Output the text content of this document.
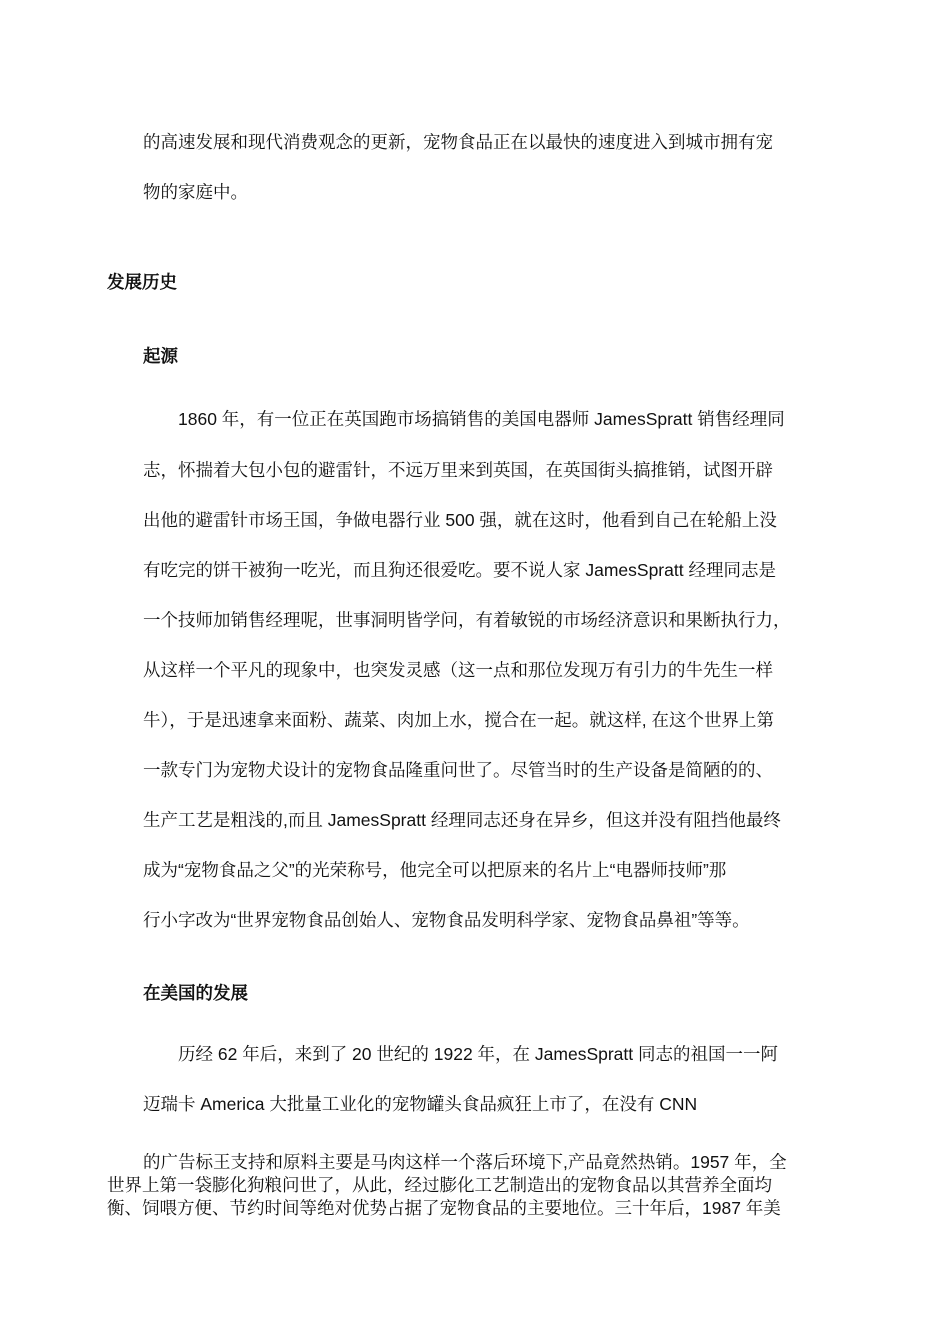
的高速发展和现代消费观念的更新，宠物食品正在以最快的速度进入到城市拥有宠
物的家庭中。
发展历史
起源
1860 年，有一位正在英国跑市场搞销售的美国电器师 JamesSpratt 销售经理同
志，怀揣着大包小包的避雷针，不远万里来到英国，在英国街头搞推销，试图开辟
出他的避雷针市场王国，争做电器行业 500 强，就在这时，他看到自己在轮船上没
有吃完的饼干被狗一吃光，而且狗还很爱吃。要不说人家 JamesSpratt 经理同志是
一个技师加销售经理呢，世事洞明皆学问，有着敏锐的市场经济意识和果断执行力，
从这样一个平凡的现象中，也突发灵感（这一点和那位发现万有引力的牛先生一样
牛），于是迅速拿来面粉、蔬菜、肉加上水，搅合在一起。就这样, 在这个世界上第
一款专门为宠物犬设计的宠物食品隆重问世了。尽管当时的生产设备是简陋的的、
生产工艺是粗浅的,而且 JamesSpratt 经理同志还身在异乡，但这并没有阻挡他最终
成为“宠物食品之父”的光荣称号，他完全可以把原来的名片上“电器师技师”那
行小字改为“世界宠物食品创始人、宠物食品发明科学家、宠物食品鼻祖”等等。
在美国的发展
历经 62 年后，来到了 20 世纪的 1922 年，在 JamesSpratt 同志的祖国一一阿
迈瑞卡 America 大批量工业化的宠物罐头食品疯狂上市了，在没有 CNN
的广告标王支持和原料主要是马肉这样一个落后环境下,产品竟然热销。1957 年，全
世界上第一袋膨化狗粮问世了，从此，经过膨化工艺制造出的宠物食品以其营养全面均
衡、饲喂方便、节约时间等绝对优势占据了宠物食品的主要地位。三十年后，1987 年美
